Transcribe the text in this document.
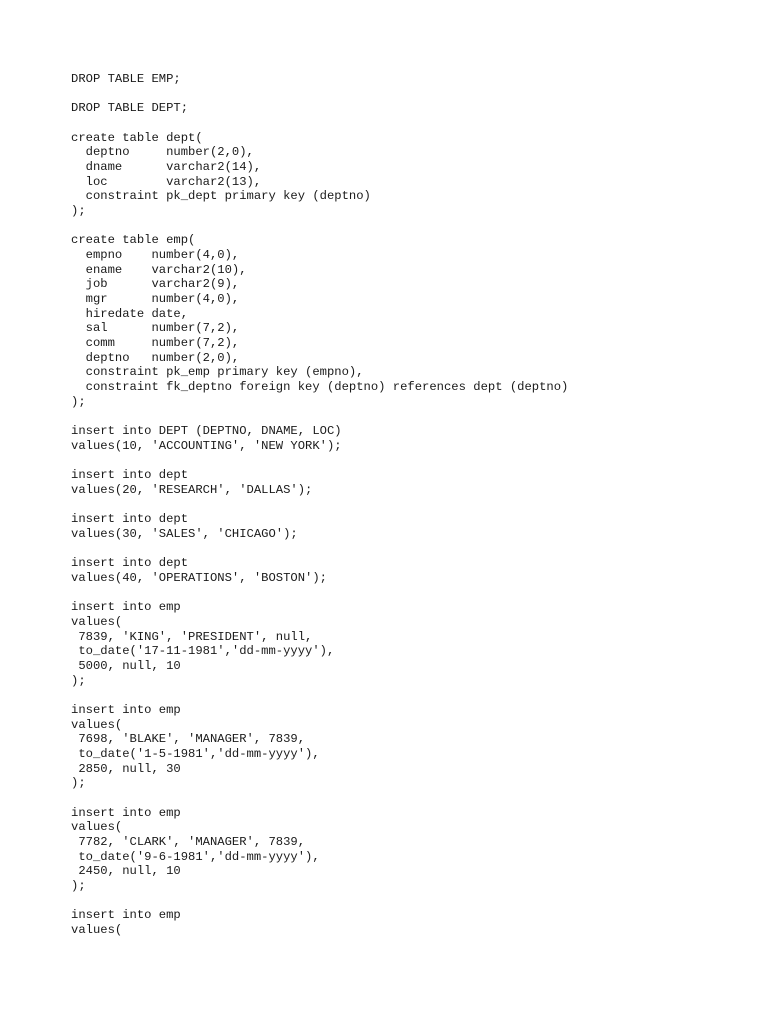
DROP TABLE EMP;
DROP TABLE DEPT;
create table dept(
deptno     number(2,0),
dname      varchar2(14),
loc        varchar2(13),
constraint pk_dept primary key (deptno)
);
create table emp(
empno    number(4,0),
ename    varchar2(10),
job      varchar2(9),
mgr      number(4,0),
hiredate date,
sal      number(7,2),
comm     number(7,2),
deptno   number(2,0),
constraint pk_emp primary key (empno),
constraint fk_deptno foreign key (deptno) references dept (deptno)
);
insert into DEPT (DEPTNO, DNAME, LOC)
values(10, 'ACCOUNTING', 'NEW YORK');
insert into dept
values(20, 'RESEARCH', 'DALLAS');
insert into dept
values(30, 'SALES', 'CHICAGO');
insert into dept
values(40, 'OPERATIONS', 'BOSTON');
insert into emp
values(
7839, 'KING', 'PRESIDENT', null,
to_date('17-11-1981','dd-mm-yyyy'),
5000, null, 10
);
insert into emp
values(
7698, 'BLAKE', 'MANAGER', 7839,
to_date('1-5-1981','dd-mm-yyyy'),
2850, null, 30
);
insert into emp
values(
7782, 'CLARK', 'MANAGER', 7839,
to_date('9-6-1981','dd-mm-yyyy'),
2450, null, 10
);
insert into emp
values(
